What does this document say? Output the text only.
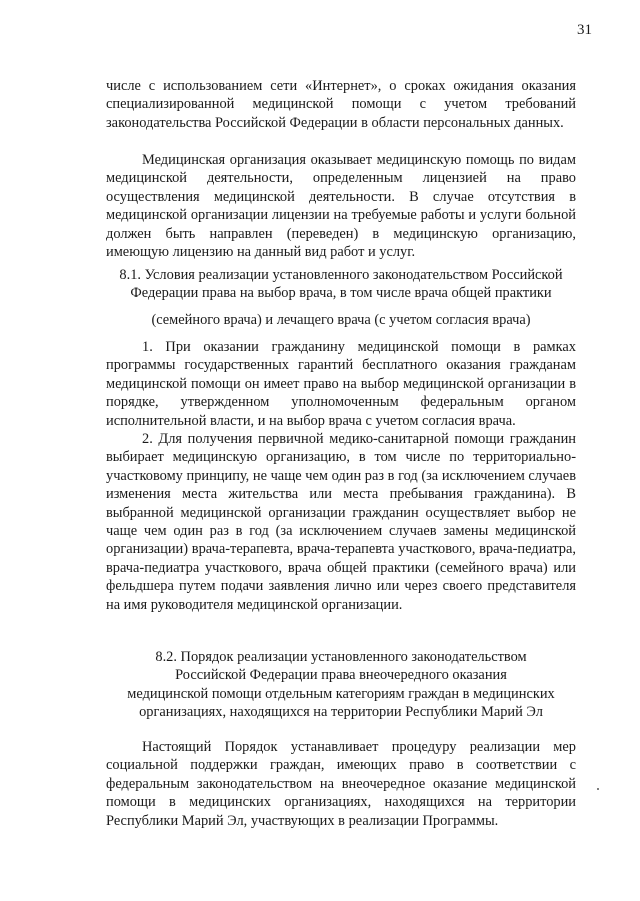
31

числе с использованием сети «Интернет», о сроках ожидания оказания специализированной медицинской помощи с учетом требований законодательства Российской Федерации в области персональных данных.

Медицинская организация оказывает медицинскую помощь по видам медицинской деятельности, определенным лицензией на право осуществления медицинской деятельности. В случае отсутствия в медицинской организации лицензии на требуемые работы и услуги больной должен быть направлен (переведен) в медицинскую организацию, имеющую лицензию на данный вид работ и услуг.

8.1. Условия реализации установленного законодательством Российской
Федерации права на выбор врача, в том числе врача общей практики
(семейного врача) и лечащего врача (с учетом согласия врача)

1. При оказании гражданину медицинской помощи в рамках программы государственных гарантий бесплатного оказания гражданам медицинской помощи он имеет право на выбор медицинской организации в порядке, утвержденном уполномоченным федеральным органом исполнительной власти, и на выбор врача с учетом согласия врача.

2. Для получения первичной медико-санитарной помощи гражданин выбирает медицинскую организацию, в том числе по территориально-участковому принципу, не чаще чем один раз в год (за исключением случаев изменения места жительства или места пребывания гражданина). В выбранной медицинской организации гражданин осуществляет выбор не чаще чем один раз в год (за исключением случаев замены медицинской организации) врача-терапевта, врача-терапевта участкового, врача-педиатра, врача-педиатра участкового, врача общей практики (семейного врача) или фельдшера путем подачи заявления лично или через своего представителя на имя руководителя медицинской организации.

8.2. Порядок реализации установленного законодательством
Российской Федерации права внеочередного оказания
медицинской помощи отдельным категориям граждан в медицинских
организациях, находящихся на территории Республики Марий Эл

Настоящий Порядок устанавливает процедуру реализации мер социальной поддержки граждан, имеющих право в соответствии с федеральным законодательством на внеочередное оказание медицинской помощи в медицинских организациях, находящихся на территории Республики Марий Эл, участвующих в реализации Программы.
